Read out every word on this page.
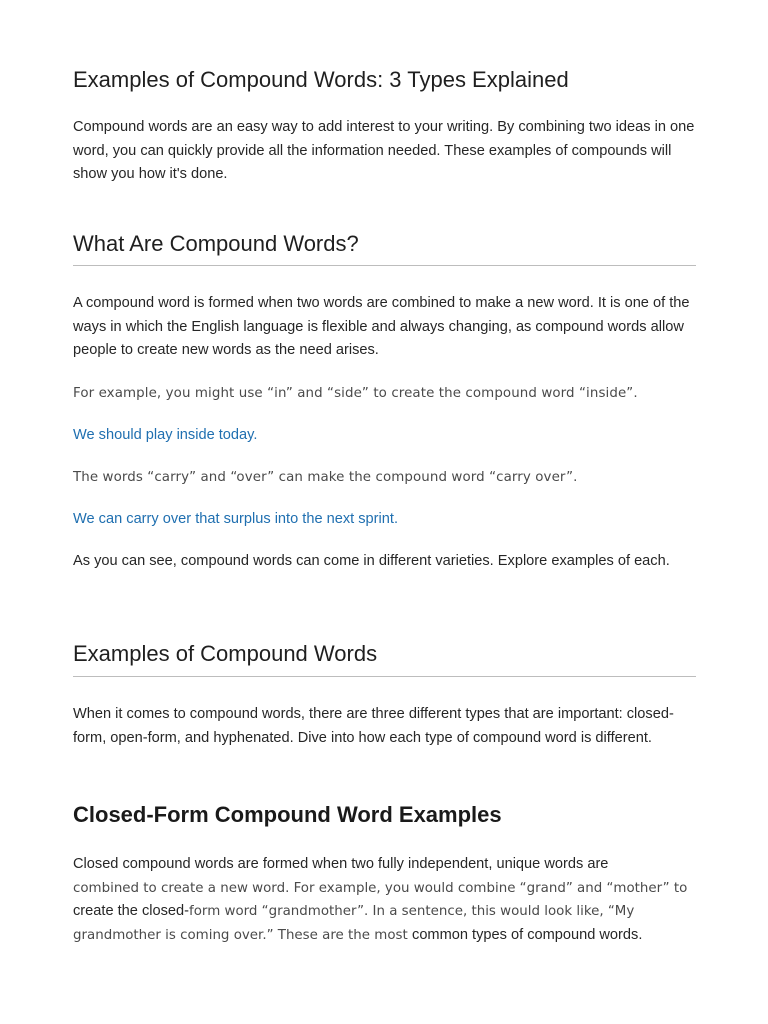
Examples of Compound Words: 3 Types Explained

Compound words are an easy way to add interest to your writing. By combining two ideas in one word, you can quickly provide all the information needed. These examples of compounds will show you how it's done.

What Are Compound Words?

A compound word is formed when two words are combined to make a new word. It is one of the ways in which the English language is flexible and always changing, as compound words allow people to create new words as the need arises.

For example, you might use “in” and “side” to create the compound word “inside”.

We should play inside today.

The words “carry” and “over” can make the compound word “carry over”.

We can carry over that surplus into the next sprint.

As you can see, compound words can come in different varieties. Explore examples of each.

Examples of Compound Words

When it comes to compound words, there are three different types that are important: closed-form, open-form, and hyphenated. Dive into how each type of compound word is different.

Closed-Form Compound Word Examples
Closed compound words are formed when two fully independent, unique words are
combined to create a new word. For example, you would combine “grand” and “mother” to
create the closed-form word “grandmother”. In a sentence, this would look like, “My
grandmother is coming over.” These are the most common types of compound words.
